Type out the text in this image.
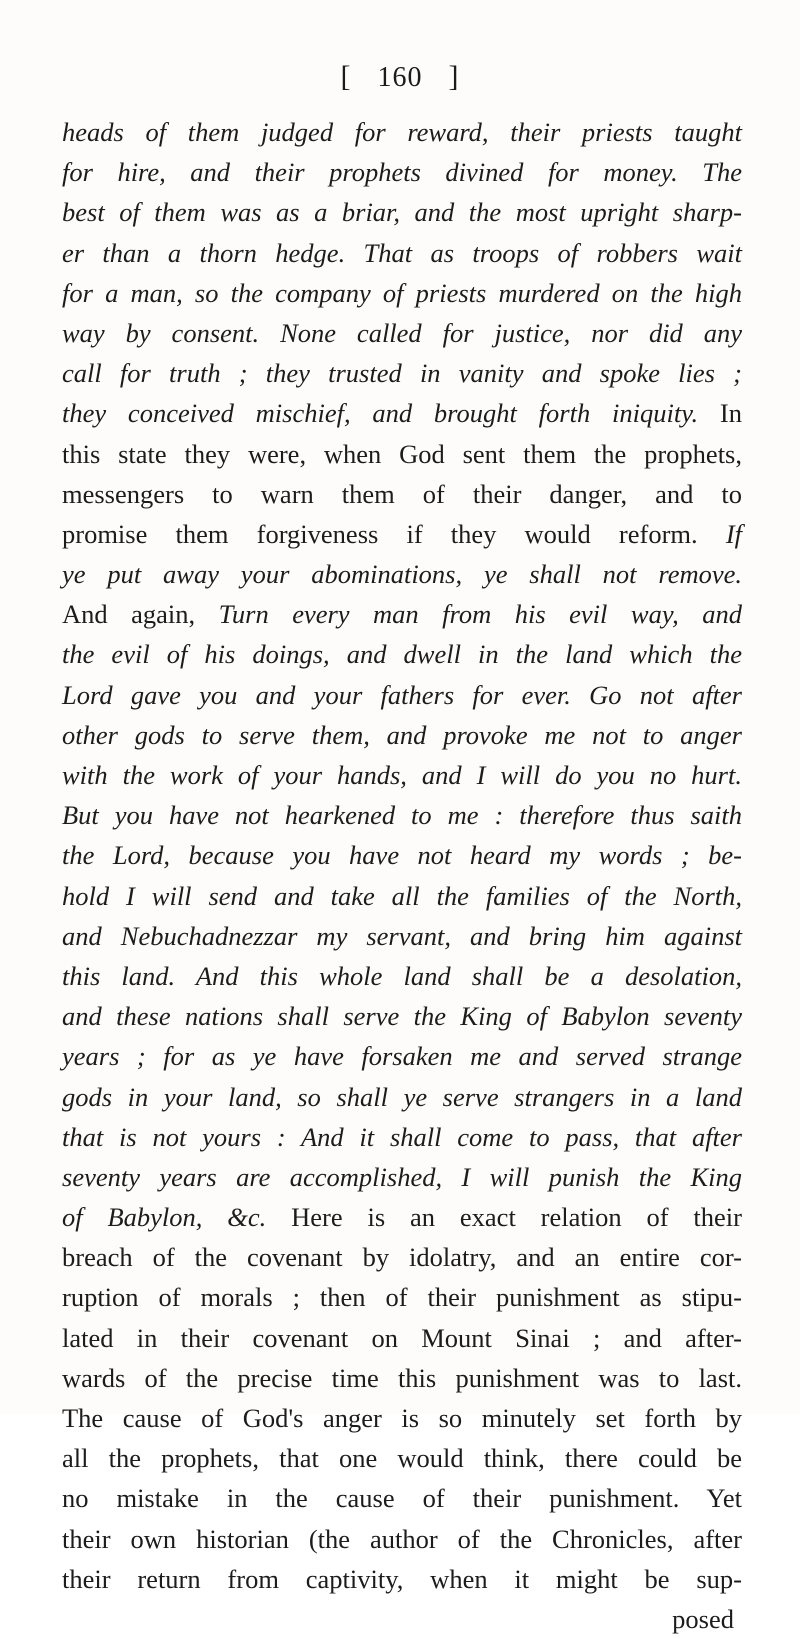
[ 160 ]
heads of them judged for reward, their priests taught
for hire, and their prophets divined for money. The
best of them was as a briar, and the most upright sharp-
er than a thorn hedge. That as troops of robbers wait
for a man, so the company of priests murdered on the high
way by consent. None called for justice, nor did any
call for truth ; they trusted in vanity and spoke lies ;
they conceived mischief, and brought forth iniquity. In
this state they were, when God sent them the prophets,
messengers to warn them of their danger, and to
promise them forgiveness if they would reform. If
ye put away your abominations, ye shall not remove.
And again, Turn every man from his evil way, and
the evil of his doings, and dwell in the land which the
Lord gave you and your fathers for ever. Go not after
other gods to serve them, and provoke me not to anger
with the work of your hands, and I will do you no hurt.
But you have not hearkened to me : therefore thus saith
the Lord, because you have not heard my words ; be-
hold I will send and take all the families of the North,
and Nebuchadnezzar my servant, and bring him against
this land. And this whole land shall be a desolation,
and these nations shall serve the King of Babylon seventy
years ; for as ye have forsaken me and served strange
gods in your land, so shall ye serve strangers in a land
that is not yours : And it shall come to pass, that after
seventy years are accomplished, I will punish the King
of Babylon, &c. Here is an exact relation of their
breach of the covenant by idolatry, and an entire cor-
ruption of morals ; then of their punishment as stipu-
lated in their covenant on Mount Sinai ; and after-
wards of the precise time this punishment was to last.
The cause of God's anger is so minutely set forth by
all the prophets, that one would think, there could be
no mistake in the cause of their punishment. Yet
their own historian (the author of the Chronicles, after
their return from captivity, when it might be sup-
posed
